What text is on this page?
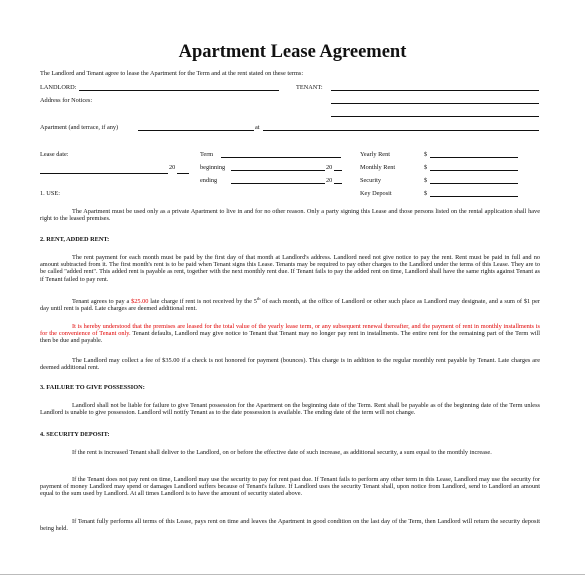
Apartment Lease Agreement
The Landlord and Tenant agree to lease the Apartment for the Term and at the rent stated on these terms:
LANDLORD:	TENANT:
Address for Notices:
Apartment (and terrace, if any)	at
Lease date:
20
Term
beginning	20
ending	20
Yearly Rent	$
Monthly Rent	$
Security	$
Key Deposit	$
1. USE:
The Apartment must be used only as a private Apartment to live in and for no other reason. Only a party signing this Lease and those persons listed on the rental application shall have right to the leased premises.
2. RENT, ADDED RENT:
The rent payment for each month must be paid by the first day of that month at Landlord's address. Landlord need not give notice to pay the rent. Rent must be paid in full and no amount subtracted from it. The first month's rent is to be paid when Tenant signs this Lease. Tenants may be required to pay other charges to the Landlord under the terms of this Lease. They are to be called "added rent". This added rent is payable as rent, together with the next monthly rent due. If Tenant fails to pay the added rent on time, Landlord shall have the same rights against Tenant as if Tenant failed to pay rent.
Tenant agrees to pay a $25.00 late charge if rent is not received by the 5th of each month, at the office of Landlord or other such place as Landlord may designate, and a sum of $1 per day until rent is paid. Late charges are deemed additional rent.
It is hereby understood that the premises are leased for the total value of the yearly lease term, or any subsequent renewal thereafter, and the payment of rent in monthly installments is for the convenience of Tenant only. Tenant defaults, Landlord may give notice to Tenant that Tenant may no longer pay rent in installments. The entire rent for the remaining part of the Term will then be due and payable.
The Landlord may collect a fee of $35.00 if a check is not honored for payment (bounces). This charge is in addition to the regular monthly rent payable by Tenant. Late charges are deemed additional rent.
3. FAILURE TO GIVE POSSESSION:
Landlord shall not be liable for failure to give Tenant possession for the Apartment on the beginning date of the Term. Rent shall be payable as of the beginning date of the Term unless Landlord is unable to give possession. Landlord will notify Tenant as to the date possession is available. The ending date of the term will not change.
4. SECURITY DEPOSIT:
If the rent is increased Tenant shall deliver to the Landlord, on or before the effective date of such increase, as additional security, a sum equal to the monthly increase.
If the Tenant does not pay rent on time, Landlord may use the security to pay for rent past due. If Tenant fails to perform any other term in this Lease, Landlord may use the security for payment of money Landlord may spend or damages Landlord suffers because of Tenant's failure. If Landlord uses the security Tenant shall, upon notice from Landlord, send to Landlord an amount equal to the sum used by Landlord. At all times Landlord is to have the amount of security stated above.
If Tenant fully performs all terms of this Lease, pays rent on time and leaves the Apartment in good condition on the last day of the Term, then Landlord will return the security deposit being held.
